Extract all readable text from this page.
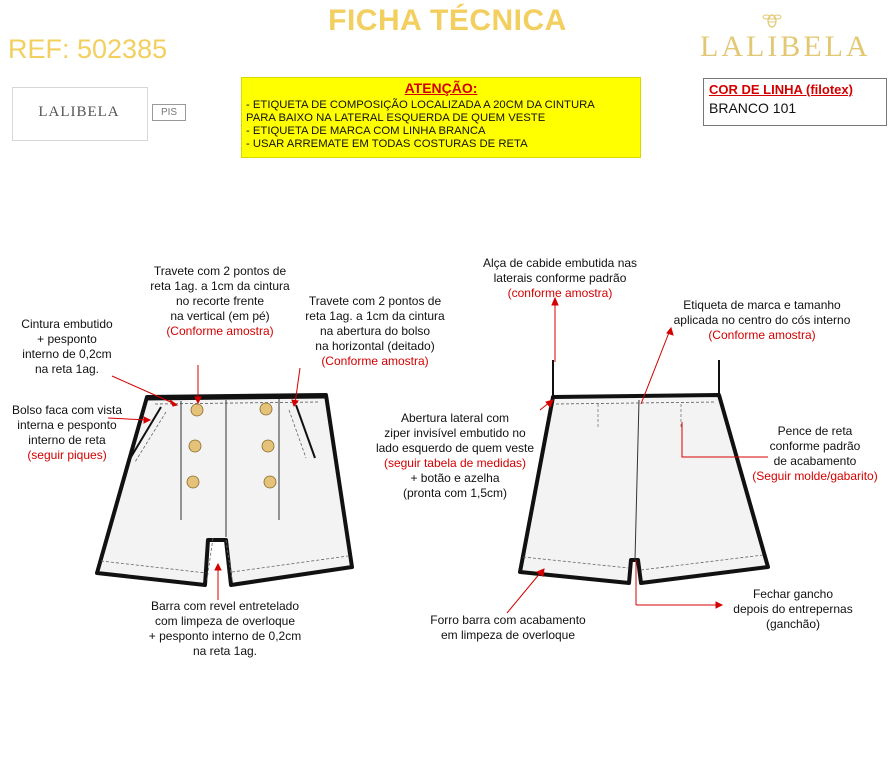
FICHA TÉCNICA
REF: 502385	LALIBELA
LALIBELA	PIS
ATENÇÃO:
- ETIQUETA DE COMPOSIÇÃO LOCALIZADA A 20CM DA CINTURA
PARA BAIXO NA LATERAL ESQUERDA DE QUEM VESTE
- ETIQUETA DE MARCA COM LINHA BRANCA
- USAR ARREMATE EM TODAS COSTURAS DE RETA
COR DE LINHA (filotex)
BRANCO 101
Travete com 2 pontos de
reta 1ag. a 1cm da cintura
no recorte frente
na vertical (em pé)
(Conforme amostra)
Travete com 2 pontos de
reta 1ag. a 1cm da cintura
na abertura do bolso
na horizontal (deitado)
(Conforme amostra)
Cintura embutido
+ pesponto
interno de 0,2cm
na reta 1ag.
Bolso faca com vista
interna e pesponto
interno de reta
(seguir piques)
Barra com revel entretelado
com limpeza de overloque
+ pesponto interno de 0,2cm
na reta 1ag.
Alça de cabide embutida nas
laterais conforme padrão
(conforme amostra)
Etiqueta de marca e tamanho
aplicada no centro do cós interno
(Conforme amostra)
Abertura lateral com
ziper invisível embutido no
lado esquerdo de quem veste
(seguir tabela de medidas)
+ botão e azelha
(pronta com 1,5cm)
Pence de reta
conforme padrão
de acabamento
(Seguir molde/gabarito)
Forro barra com acabamento
em limpeza de overloque
Fechar gancho
depois do entrepernas
(ganchão)
